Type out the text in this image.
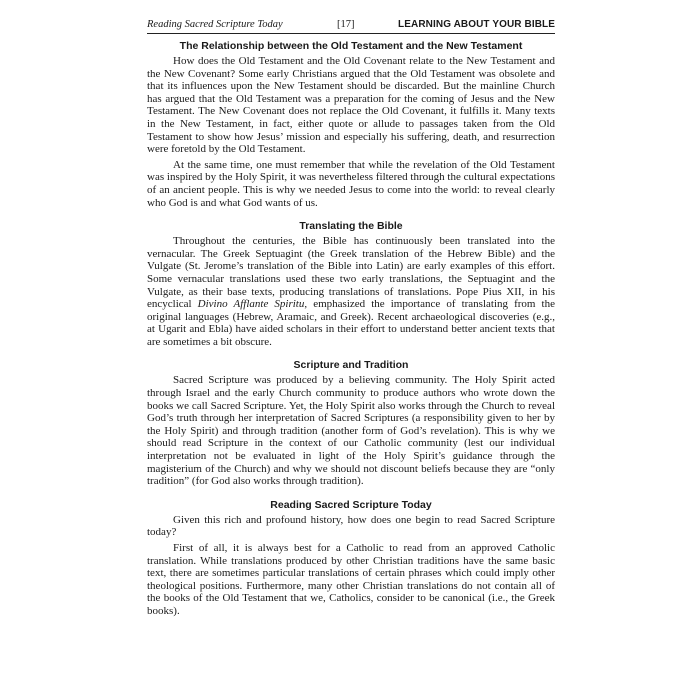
Reading Sacred Scripture Today	[17]	LEARNING ABOUT YOUR BIBLE
The Relationship between the Old Testament and the New Testament

How does the Old Testament and the Old Covenant relate to the New Testament and the New Covenant? Some early Christians argued that the Old Testament was obsolete and that its influences upon the New Testament should be discarded. But the mainline Church has argued that the Old Testament was a preparation for the coming of Jesus and the New Testament. The New Covenant does not replace the Old Covenant, it fulfills it. Many texts in the New Testament, in fact, either quote or allude to passages taken from the Old Testament to show how Jesus’ mission and especially his suffering, death, and resurrection were foretold by the Old Testament.

At the same time, one must remember that while the revelation of the Old Testament was inspired by the Holy Spirit, it was nevertheless filtered through the cultural expectations of an ancient people. This is why we needed Jesus to come into the world: to reveal clearly who God is and what God wants of us.

Translating the Bible

Throughout the centuries, the Bible has continuously been translated into the vernacular. The Greek Septuagint (the Greek translation of the Hebrew Bible) and the Vulgate (St. Jerome’s translation of the Bible into Latin) are early examples of this effort. Some vernacular translations used these two early translations, the Septuagint and the Vulgate, as their base texts, producing translations of translations. Pope Pius XII, in his encyclical Divino Afflante Spiritu, emphasized the importance of translating from the original languages (Hebrew, Aramaic, and Greek). Recent archaeological discoveries (e.g., at Ugarit and Ebla) have aided scholars in their effort to understand better ancient texts that are sometimes a bit obscure.

Scripture and Tradition

Sacred Scripture was produced by a believing community. The Holy Spirit acted through Israel and the early Church community to produce authors who wrote down the books we call Sacred Scripture. Yet, the Holy Spirit also works through the Church to reveal God’s truth through her interpretation of Sacred Scriptures (a responsibility given to her by the Holy Spirit) and through tradition (another form of God’s revelation). This is why we should read Scripture in the context of our Catholic community (lest our individual interpretation not be evaluated in light of the Holy Spirit’s guidance through the magisterium of the Church) and why we should not discount beliefs because they are “only tradition” (for God also works through tradition).

Reading Sacred Scripture Today

Given this rich and profound history, how does one begin to read Sacred Scripture today?

First of all, it is always best for a Catholic to read from an approved Catholic translation. While translations produced by other Christian traditions have the same basic text, there are sometimes particular translations of certain phrases which could imply other theological positions. Furthermore, many other Christian translations do not contain all of the books of the Old Testament that we, Catholics, consider to be canonical (i.e., the Greek books).
